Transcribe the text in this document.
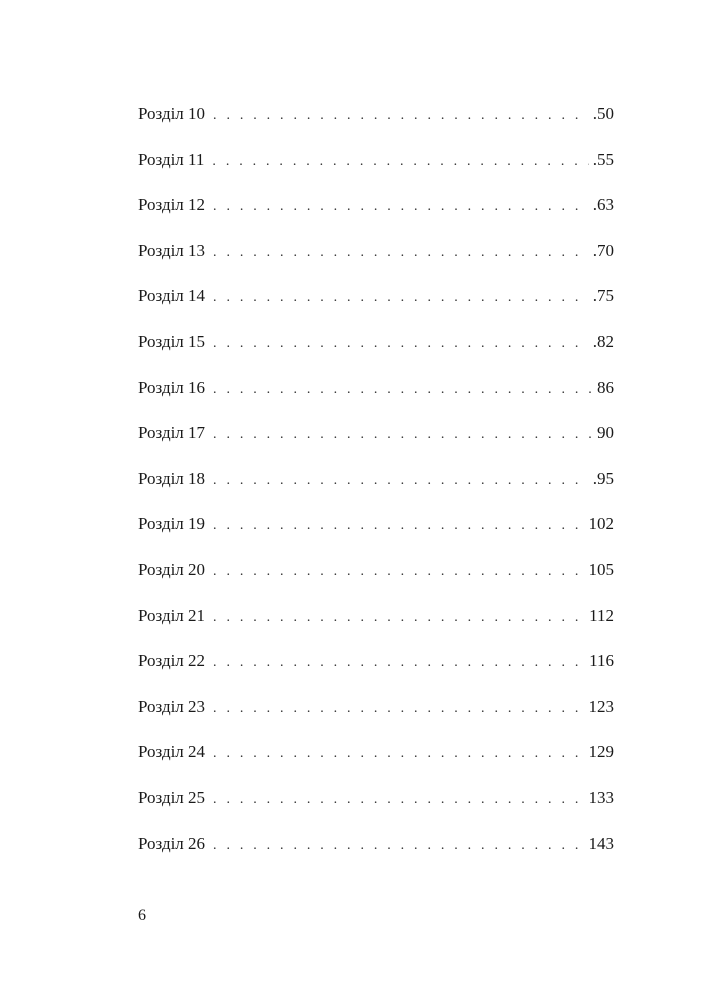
Розділ 10 . . .	.50
Розділ 11 . . .	.55
Розділ 12 . . .	.63
Розділ 13 . . .	.70
Розділ 14 . . .	.75
Розділ 15 . . .	.82
Розділ 16 . . .	86
Розділ 17 . . .	90
Розділ 18 . . .	.95
Розділ 19 . . .	102
Розділ 20 . . .	105
Розділ 21 . . .	112
Розділ 22 . . .	116
Розділ 23 . . .	123
Розділ 24 . . .	129
Розділ 25 . . .	133
Розділ 26 . . .	143
6
